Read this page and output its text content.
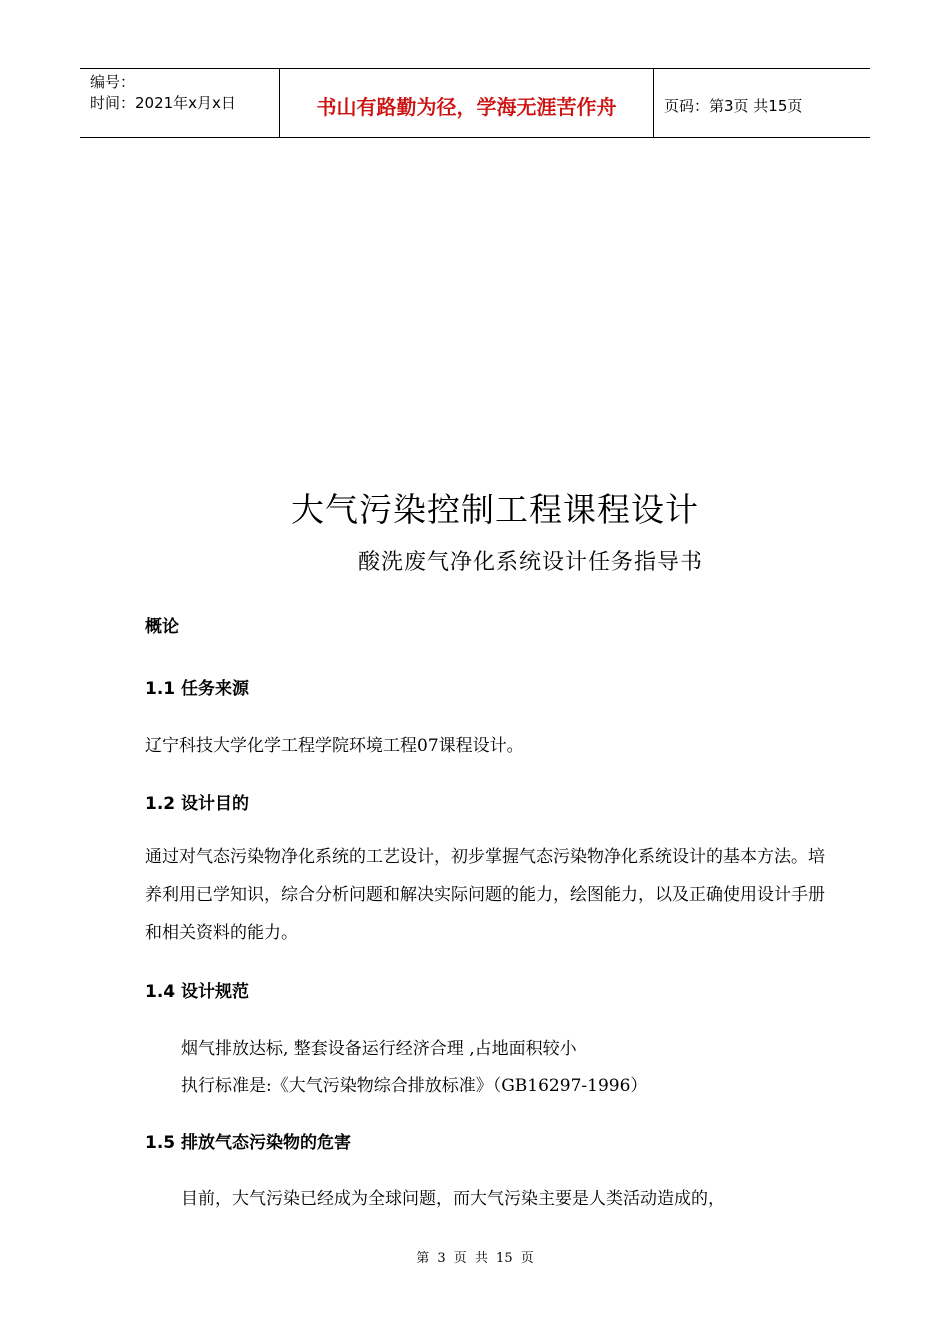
编号：
时间：2021年x月x日	书山有路勤为径，学海无涯苦作舟	页码：第3页 共15页
大气污染控制工程课程设计
酸洗废气净化系统设计任务指导书
概论
1.1 任务来源
辽宁科技大学化学工程学院环境工程07课程设计。
1.2 设计目的
通过对气态污染物净化系统的工艺设计，初步掌握气态污染物净化系统设计的基本方法。培养利用已学知识，综合分析问题和解决实际问题的能力，绘图能力，以及正确使用设计手册和相关资料的能力。
1.4 设计规范
烟气排放达标, 整套设备运行经济合理 ,占地面积较小
执行标准是:《大气污染物综合排放标准》（GB16297-1996）
1.5 排放气态污染物的危害
目前，大气污染已经成为全球问题，而大气污染主要是人类活动造成的，
第 3 页 共 15 页
